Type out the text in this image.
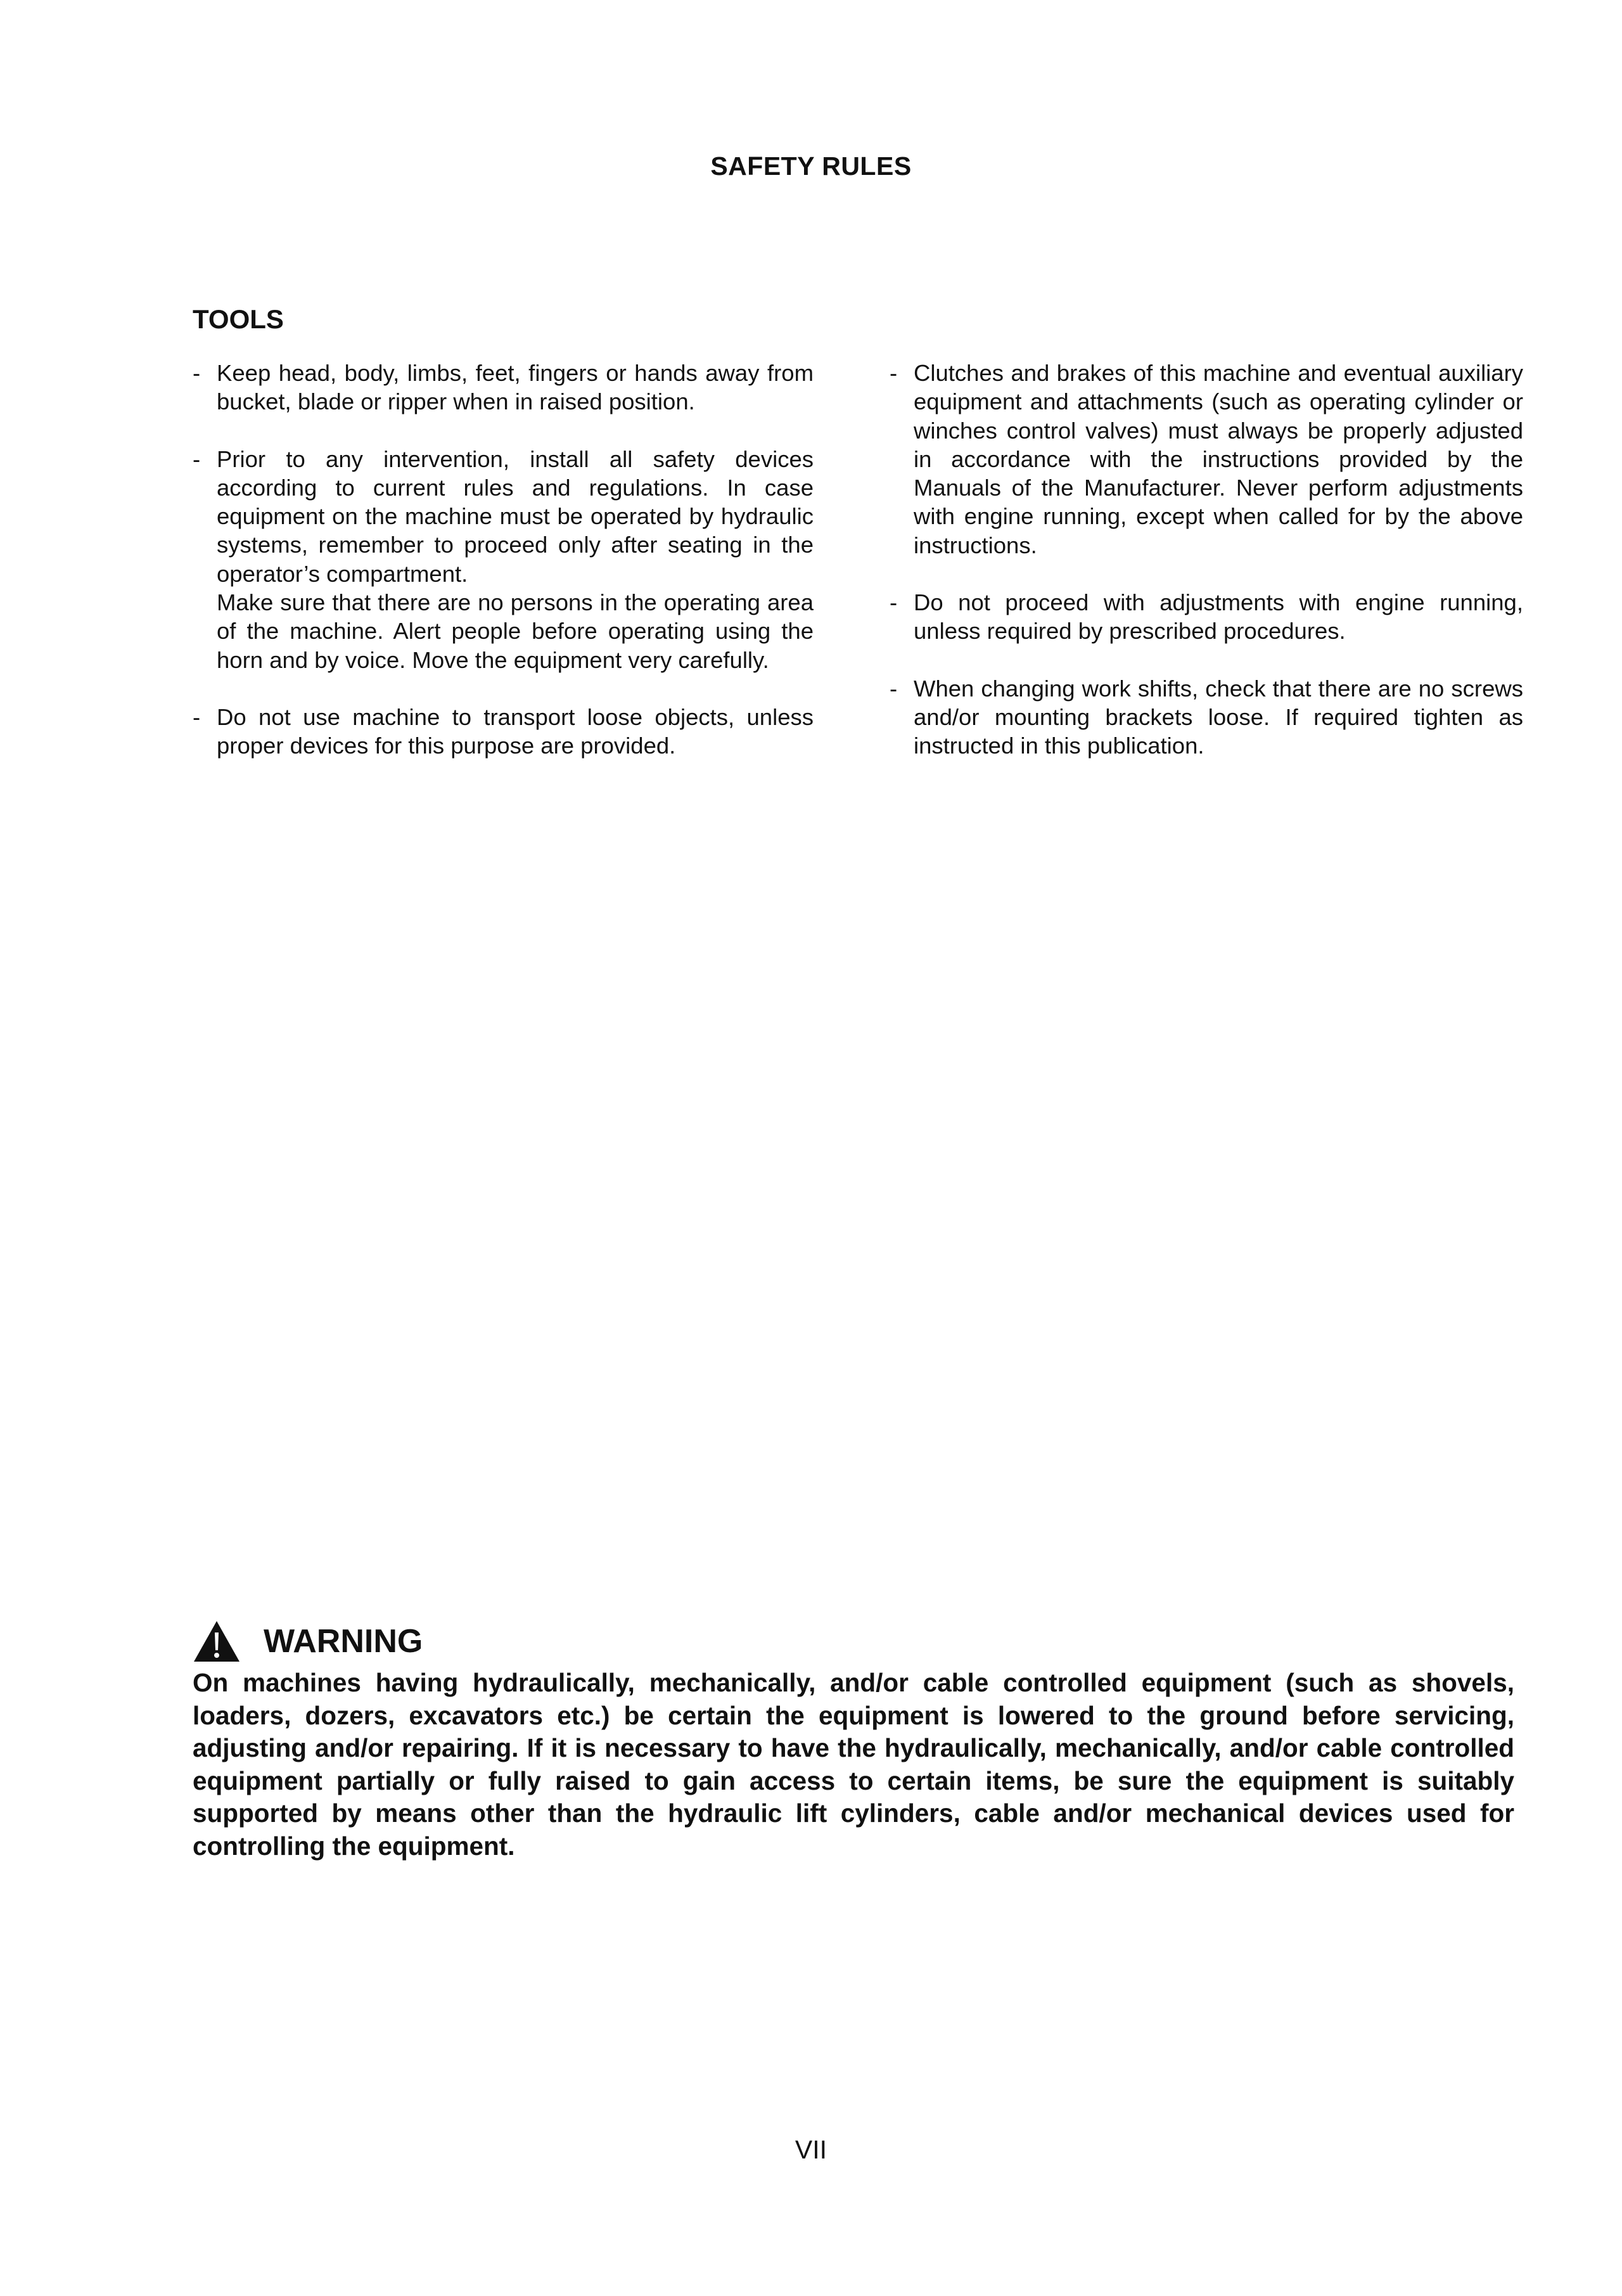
SAFETY RULES
TOOLS
- Keep head, body, limbs, feet, fingers or hands away from bucket, blade or ripper when in raised position.

- Prior to any intervention, install all safety devices according to current rules and regulations. In case equipment on the machine must be operated by hydraulic systems, remember to proceed only after seating in the operator’s compartment.

Make sure that there are no persons in the operating area of the machine. Alert people before operating using the horn and by voice. Move the equipment very carefully.

- Do not use machine to transport loose objects, unless proper devices for this purpose are provided.

- Clutches and brakes of this machine and eventual auxiliary equipment and attachments (such as operating cylinder or winches control valves) must always be properly adjusted in accordance with the instructions provided by the Manuals of the Manufacturer. Never perform adjustments with engine running, except when called for by the above instructions.

- Do not proceed with adjustments with engine running, unless required by prescribed procedures.

- When changing work shifts, check that there are no screws and/or mounting brackets loose. If required tighten as instructed in this publication.

WARNING

On machines having hydraulically, mechanically, and/or cable controlled equipment (such as shovels, loaders, dozers, excavators etc.) be certain the equipment is lowered to the ground before servicing, adjusting and/or repairing. If it is necessary to have the hydraulically, mechanically, and/or cable controlled equipment partially or fully raised to gain access to certain items, be sure the equipment is suitably supported by means other than the hydraulic lift cylinders, cable and/or mechanical devices used for controlling the equipment.

VII
